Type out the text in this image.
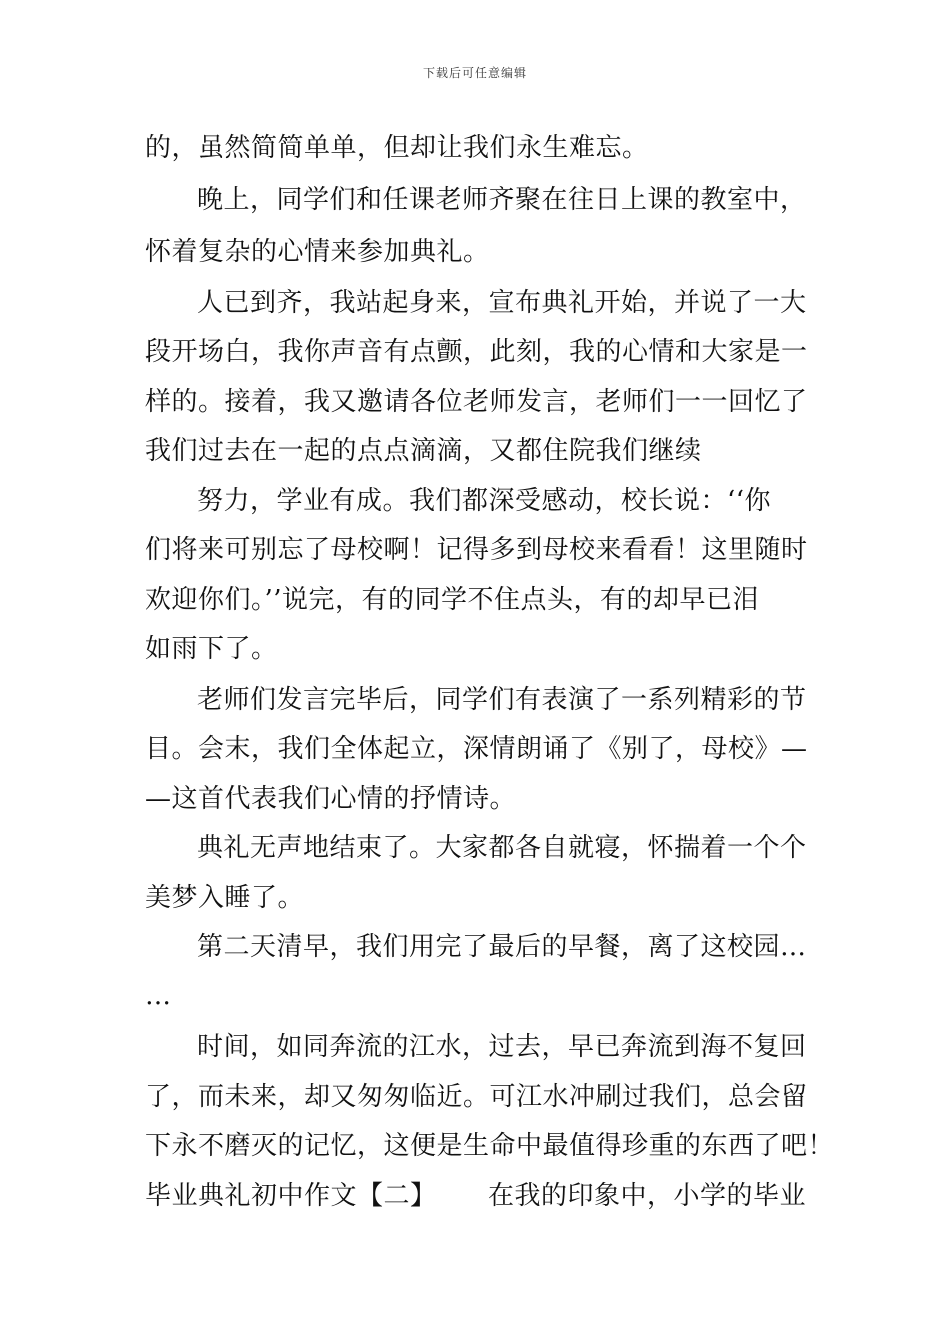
下载后可任意编辑
的，虽然简简单单，但却让我们永生难忘。
晚上，同学们和任课老师齐聚在往日上课的教室中，
怀着复杂的心情来参加典礼。
人已到齐，我站起身来，宣布典礼开始，并说了一大
段开场白，我你声音有点颤，此刻，我的心情和大家是一
样的。接着，我又邀请各位老师发言，老师们一一回忆了
我们过去在一起的点点滴滴，又都住院我们继续
努力，学业有成。我们都深受感动，校长说：‘‘你
们将来可别忘了母校啊！记得多到母校来看看！这里随时
欢迎你们。’’说完，有的同学不住点头，有的却早已泪
如雨下了。
老师们发言完毕后，同学们有表演了一系列精彩的节
目。会末，我们全体起立，深情朗诵了《别了，母校》—
—这首代表我们心情的抒情诗。
典礼无声地结束了。大家都各自就寝，怀揣着一个个
美梦入睡了。
第二天清早，我们用完了最后的早餐，离了这校园…
…
时间，如同奔流的江水，过去，早已奔流到海不复回
了，而未来，却又匆匆临近。可江水冲刷过我们，总会留
下永不磨灭的记忆，这便是生命中最值得珍重的东西了吧！
毕业典礼初中作文【二】 在我的印象中，小学的毕业
